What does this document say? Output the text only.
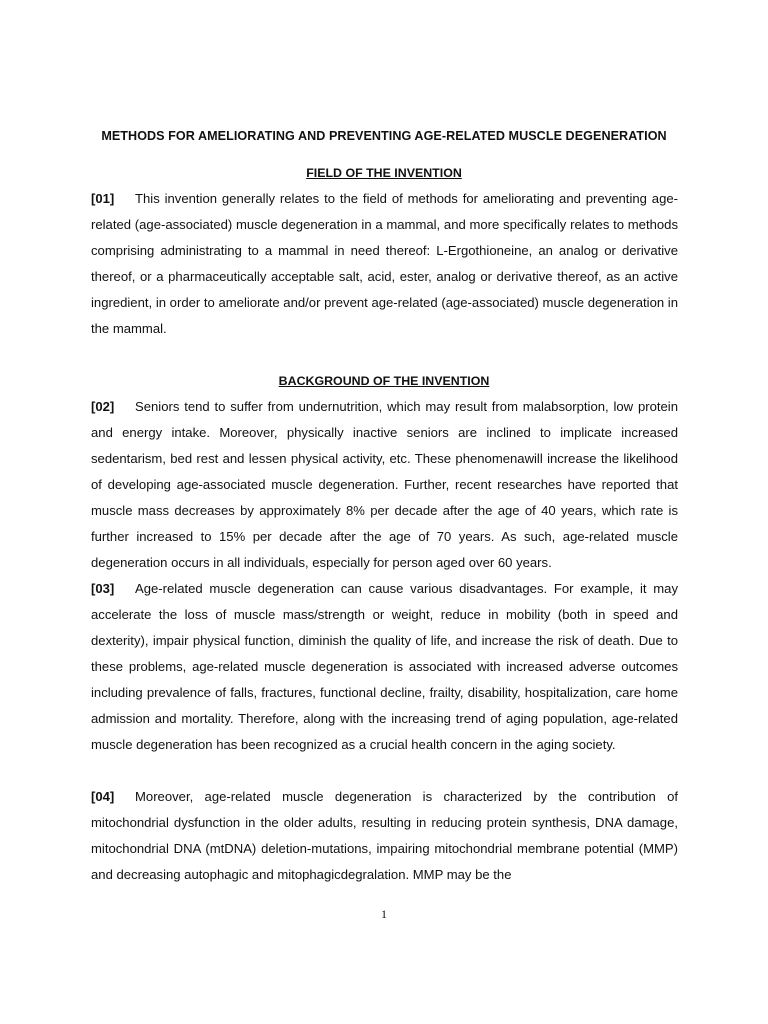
METHODS FOR AMELIORATING AND PREVENTING AGE-RELATED MUSCLE DEGENERATION
FIELD OF THE INVENTION
[01] This invention generally relates to the field of methods for ameliorating and preventing age-related (age-associated) muscle degeneration in a mammal, and more specifically relates to methods comprising administrating to a mammal in need thereof: L-Ergothioneine, an analog or derivative thereof, or a pharmaceutically acceptable salt, acid, ester, analog or derivative thereof, as an active ingredient, in order to ameliorate and/or prevent age-related (age-associated) muscle degeneration in the mammal.
BACKGROUND OF THE INVENTION
[02] Seniors tend to suffer from undernutrition, which may result from malabsorption, low protein and energy intake. Moreover, physically inactive seniors are inclined to implicate increased sedentarism, bed rest and lessen physical activity, etc. These phenomenawill increase the likelihood of developing age-associated muscle degeneration. Further, recent researches have reported that muscle mass decreases by approximately 8% per decade after the age of 40 years, which rate is further increased to 15% per decade after the age of 70 years. As such, age-related muscle degeneration occurs in all individuals, especially for person aged over 60 years.
[03] Age-related muscle degeneration can cause various disadvantages. For example, it may accelerate the loss of muscle mass/strength or weight, reduce in mobility (both in speed and dexterity), impair physical function, diminish the quality of life, and increase the risk of death. Due to these problems, age-related muscle degeneration is associated with increased adverse outcomes including prevalence of falls, fractures, functional decline, frailty, disability, hospitalization, care home admission and mortality. Therefore, along with the increasing trend of aging population, age-related muscle degeneration has been recognized as a crucial health concern in the aging society.
[04] Moreover, age-related muscle degeneration is characterized by the contribution of mitochondrial dysfunction in the older adults, resulting in reducing protein synthesis, DNA damage, mitochondrial DNA (mtDNA) deletion-mutations, impairing mitochondrial membrane potential (MMP) and decreasing autophagic and mitophagicdegralation. MMP may be the
1
